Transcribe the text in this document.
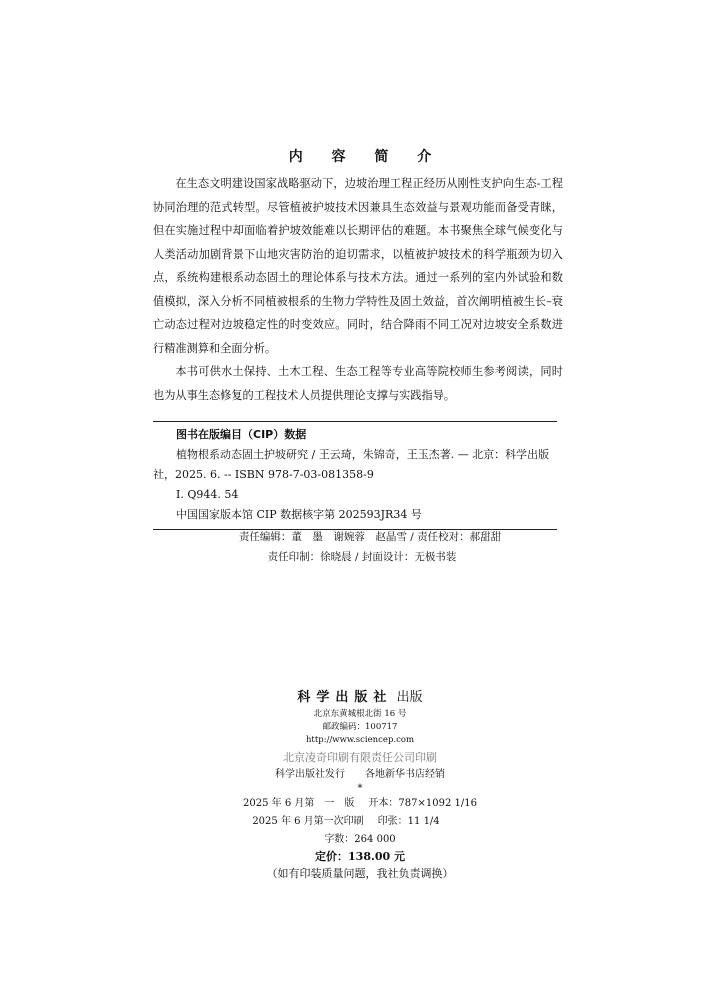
内 容 简 介

在生态文明建设国家战略驱动下，边坡治理工程正经历从刚性支护向生态-工程协同治理的范式转型。尽管植被护坡技术因兼具生态效益与景观功能而备受青睐，但在实施过程中却面临着护坡效能难以长期评估的难题。本书聚焦全球气候变化与人类活动加剧背景下山地灾害防治的迫切需求，以植被护坡技术的科学瓶颈为切入点，系统构建根系动态固土的理论体系与技术方法。通过一系列的室内外试验和数值模拟，深入分析不同植被根系的生物力学特性及固土效益，首次阐明植被生长–衰亡动态过程对边坡稳定性的时变效应。同时，结合降雨不同工况对边坡安全系数进行精准测算和全面分析。

本书可供水土保持、土木工程、生态工程等专业高等院校师生参考阅读，同时也为从事生态修复的工程技术人员提供理论支撑与实践指导。

图书在版编目（CIP）数据
植物根系动态固土护坡研究 / 王云琦，朱锦奇，王玉杰著. — 北京：科学出版社，2025. 6. -- ISBN 978-7-03-081358-9
Ⅰ. Q944. 54
中国国家版本馆 CIP 数据核字第 202593JR34 号
责任编辑：董　墨　谢婉蓉　赵晶雪 / 责任校对：郝甜甜
责任印制：徐晓晨 / 封面设计：无极书装
科学出版社 出版
北京东黄城根北街 16 号
邮政编码：100717
http://www.sciencep.com
北京凌奇印刷有限责任公司印刷
科学出版社发行　　各地新华书店经销
*
2025 年 6 月第　一　版 开本：787×1092 1/16
2025 年 6 月第一次印刷 印张：11 1/4
字数：264 000
定价：138.00 元
（如有印装质量问题，我社负责调换）
